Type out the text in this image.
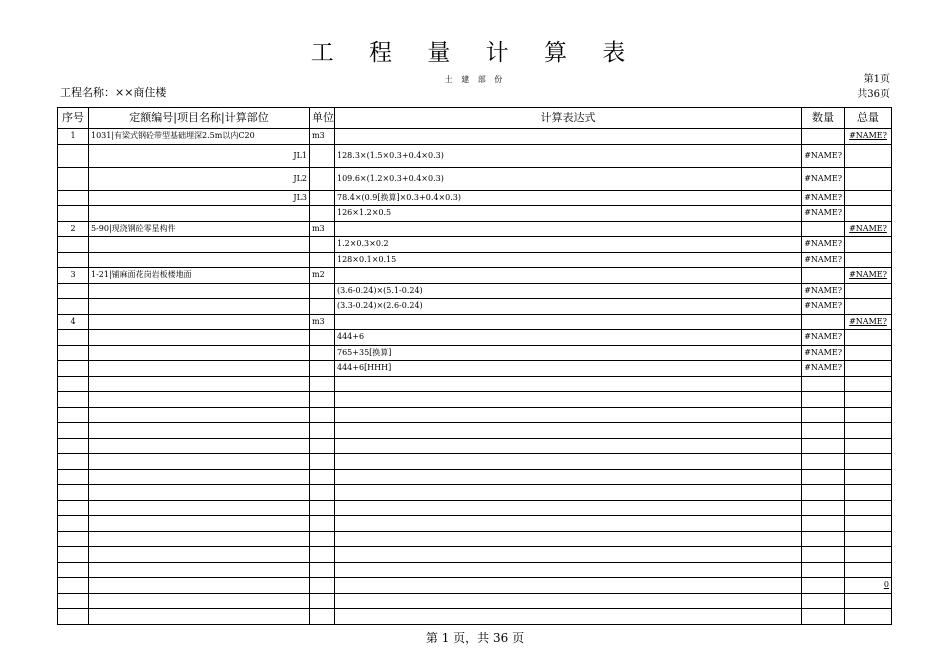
工 程 量 计 算 表
土 建 部 份
工程名称：××商住楼
第1页
共36页
序号	定额编号|项目名称|计算部位	单位	计算表达式	数量	总量
1	1031|有梁式钢砼带型基础埋深2.5m以内C20	m3			#NAME?
	JL1		128.3×(1.5×0.3+0.4×0.3)	#NAME?	
	JL2		109.6×(1.2×0.3+0.4×0.3)	#NAME?	
	JL3		78.4×(0.9[换算]×0.3+0.4×0.3)	#NAME?	
			126×1.2×0.5	#NAME?	
2	5-90|现浇钢砼零星构件	m3			#NAME?
			1.2×0.3×0.2	#NAME?	
			128×0.1×0.15	#NAME?	
3	1-21|铺麻面花岗岩板楼地面	m2			#NAME?
			(3.6-0.24)×(5.1-0.24)	#NAME?	
			(3.3-0.24)×(2.6-0.24)	#NAME?	
4		m3			#NAME?
			444+6	#NAME?	
			765+35[换算]	#NAME?	
			444+6[HHH]	#NAME?	

					0

第 1 页，共 36 页
